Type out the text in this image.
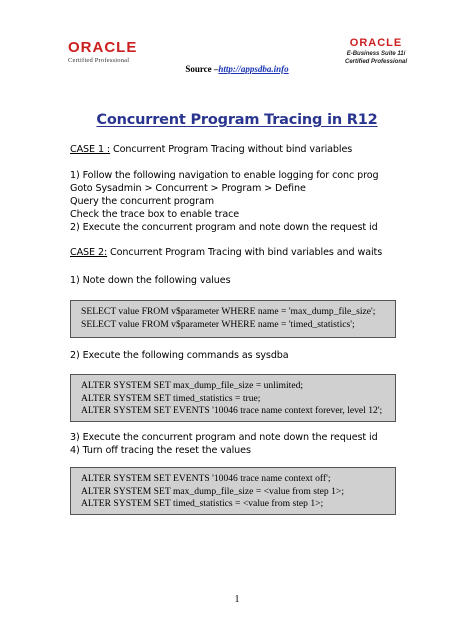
ORACLE
Certified Professional
ORACLE
E-Business Suite 11i
Certified Professional
Source –http://appsdba.info
Concurrent Program Tracing in R12
CASE 1 : Concurrent Program Tracing without bind variables
1) Follow the following navigation to enable logging for conc prog
Goto Sysadmin > Concurrent > Program > Define
Query the concurrent program
Check the trace box to enable trace
2) Execute the concurrent program and note down the request id
CASE 2: Concurrent Program Tracing with bind variables and waits
1) Note down the following values
SELECT value FROM v$parameter WHERE name = 'max_dump_file_size';
SELECT value FROM v$parameter WHERE name = 'timed_statistics';
2) Execute the following commands as sysdba
ALTER SYSTEM SET max_dump_file_size = unlimited;
ALTER SYSTEM SET timed_statistics = true;
ALTER SYSTEM SET EVENTS '10046 trace name context forever, level 12';
3) Execute the concurrent program and note down the request id
4) Turn off tracing the reset the values
ALTER SYSTEM SET EVENTS '10046 trace name context off';
ALTER SYSTEM SET max_dump_file_size = <value from step 1>;
ALTER SYSTEM SET timed_statistics = <value from step 1>;
1
